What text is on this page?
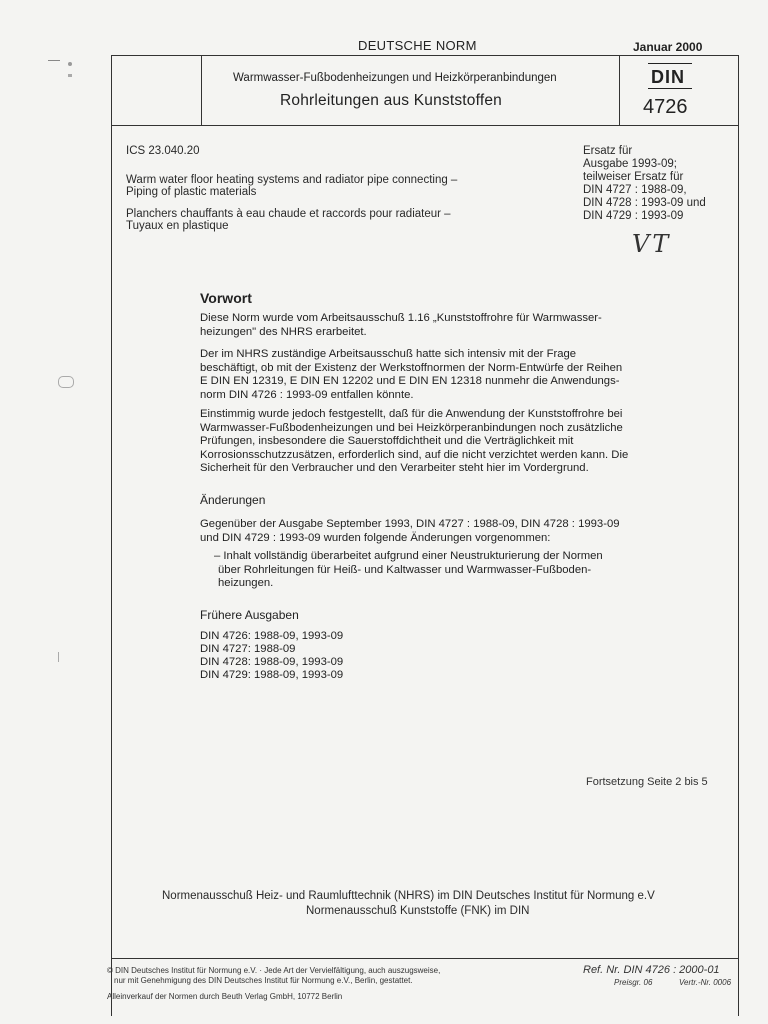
DEUTSCHE NORM	Januar 2000
Warmwasser-Fußbodenheizungen und Heizkörperanbindungen
Rohrleitungen aus Kunststoffen
DIN
4726
ICS 23.040.20
Warm water floor heating systems and radiator pipe connecting –
Piping of plastic materials
Planchers chauffants à eau chaude et raccords pour radiateur –
Tuyaux en plastique
Ersatz für
Ausgabe 1993-09;
teilweiser Ersatz für
DIN 4727 : 1988-09,
DIN 4728 : 1993-09 und
DIN 4729 : 1993-09
VT
Vorwort
Diese Norm wurde vom Arbeitsausschuß 1.16 „Kunststoffrohre für Warmwasser-
heizungen" des NHRS erarbeitet.
Der im NHRS zuständige Arbeitsausschuß hatte sich intensiv mit der Frage
beschäftigt, ob mit der Existenz der Werkstoffnormen der Norm-Entwürfe der Reihen
E DIN EN 12319, E DIN EN 12202 und E DIN EN 12318 nunmehr die Anwendungs-
norm DIN 4726 : 1993-09 entfallen könnte.
Einstimmig wurde jedoch festgestellt, daß für die Anwendung der Kunststoffrohre bei
Warmwasser-Fußbodenheizungen und bei Heizkörperanbindungen noch zusätzliche
Prüfungen, insbesondere die Sauerstoffdichtheit und die Verträglichkeit mit
Korrosionsschutzzusätzen, erforderlich sind, auf die nicht verzichtet werden kann. Die
Sicherheit für den Verbraucher und den Verarbeiter steht hier im Vordergrund.
Änderungen
Gegenüber der Ausgabe September 1993, DIN 4727 : 1988-09, DIN 4728 : 1993-09
und DIN 4729 : 1993-09 wurden folgende Änderungen vorgenommen:
– Inhalt vollständig überarbeitet aufgrund einer Neustrukturierung der Normen
über Rohrleitungen für Heiß- und Kaltwasser und Warmwasser-Fußboden-
heizungen.
Frühere Ausgaben
DIN 4726: 1988-09, 1993-09
DIN 4727: 1988-09
DIN 4728: 1988-09, 1993-09
DIN 4729: 1988-09, 1993-09
Fortsetzung Seite 2 bis 5
Normenausschuß Heiz- und Raumlufttechnik (NHRS) im DIN Deutsches Institut für Normung e.V
Normenausschuß Kunststoffe (FNK) im DIN
© DIN Deutsches Institut für Normung e.V. · Jede Art der Vervielfältigung, auch auszugsweise,
nur mit Genehmigung des DIN Deutsches Institut für Normung e.V., Berlin, gestattet.
Alleinverkauf der Normen durch Beuth Verlag GmbH, 10772 Berlin
Ref. Nr. DIN 4726 : 2000-01
Preisgr. 06	Vertr.-Nr. 0006
